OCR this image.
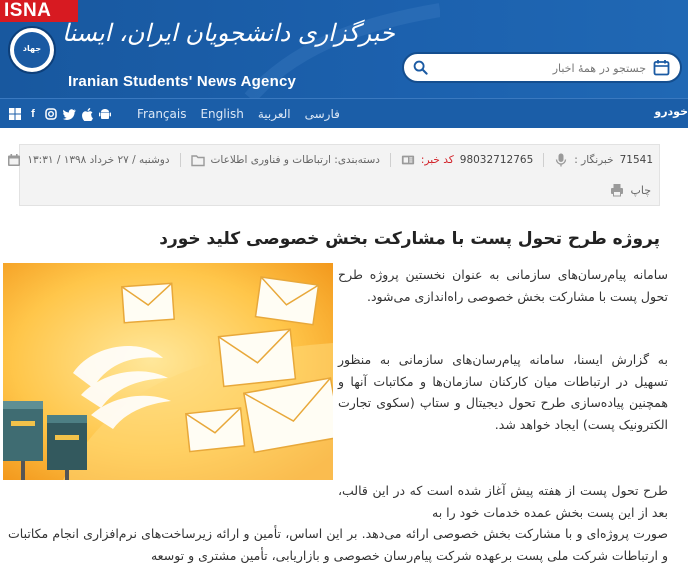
ISNA
جهاد
خبرگزاری دانشجویان ایران، ایسنا
Iranian Students' News Agency
جستجو در همهٔ اخبار
f	Français English العربية فارسی	خودرو
دوشنبه / ۲۷ خرداد ۱۳۹۸ / ۱۳:۳۱	دسته‌بندی: ارتباطات و فناوری اطلاعات	کد خبر: 98032712765	خبرنگار : 71541
چاپ
پروژه طرح تحول پست با مشارکت بخش خصوصی کلید خورد

سامانه پیام‌رسان‌های سازمانی به عنوان نخستین پروژه طرح تحول پست با مشارکت بخش خصوصی راه‌اندازی می‌شود.

به گزارش ایسنا، سامانه پیام‌رسان‌های سازمانی به منظور تسهیل در ارتباطات میان کارکنان سازمان‌ها و مکاتبات آنها و همچنین پیاده‌سازی طرح تحول دیجیتال و ستاپ (سکوی تجارت الکترونیک پست) ایجاد خواهد شد.

طرح تحول پست از هفته پیش آغاز شده است که در این قالب، بعد از این پست بخش عمده خدمات خود را به

صورت پروژه‌ای و با مشارکت بخش خصوصی ارائه می‌دهد. بر این اساس، تأمین و ارائه زیرساخت‌های نرم‌افزاری انجام مکاتبات و ارتباطات شرکت ملی پست برعهده شرکت پیام‌رسان خصوصی و بازاریابی، تأمین مشتری و توسعه
